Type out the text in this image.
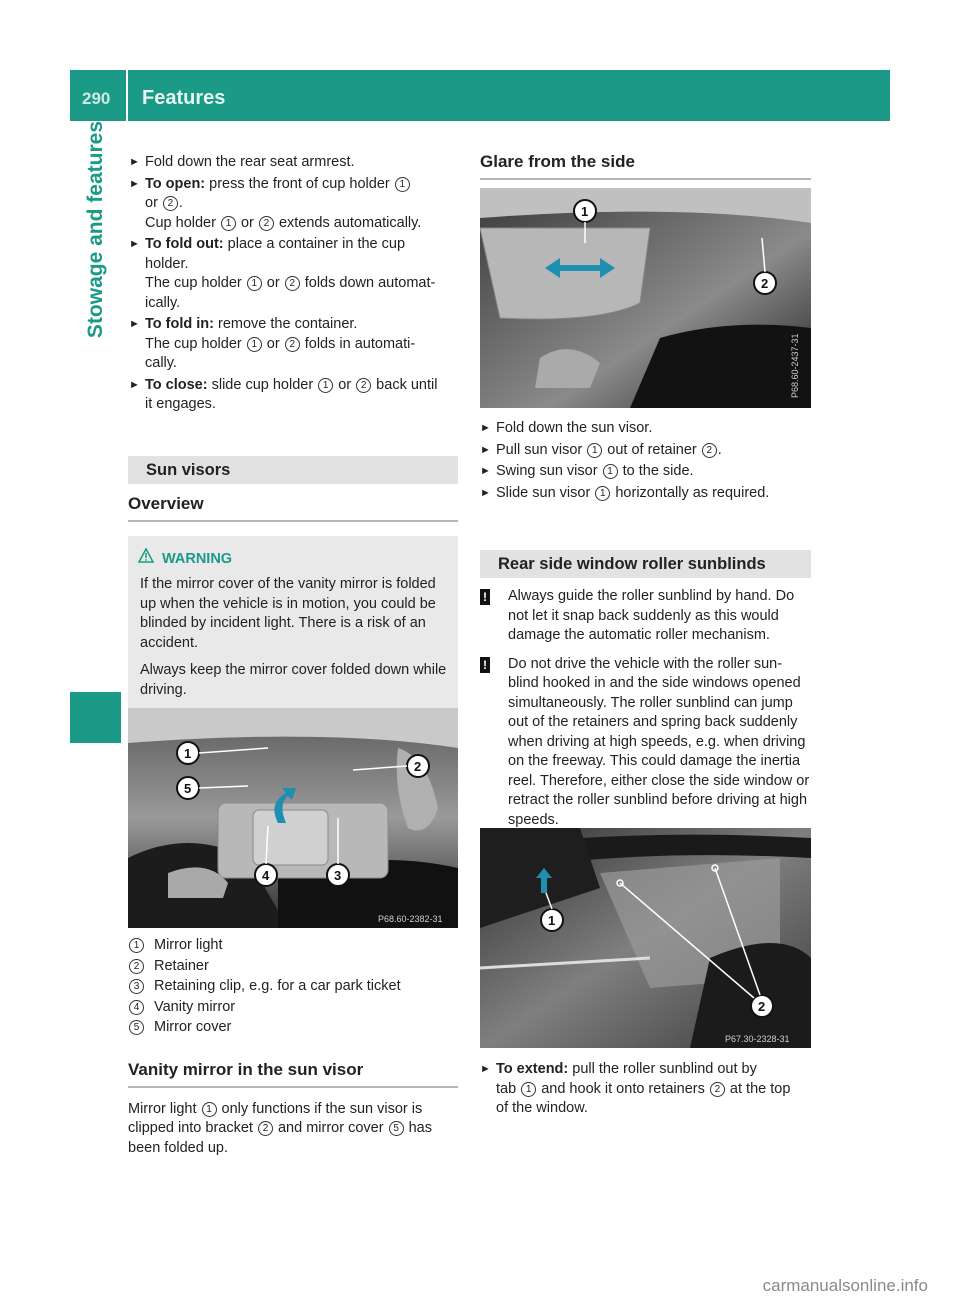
290 Features
Stowage and features	► Fold down the rear seat armrest.
► To open: press the front of cup holder 1
or 2 .
Cup holder 1 or 2 extends automatically.
► To fold out: place a container in the cup
holder.
The cup holder 1 or 2 folds down automat-
ically.
► To fold in: remove the container.
The cup holder 1 or 2 folds in automati-
cally.
► To close: slide cup holder 1 or 2 back until
it engages.
Sun visors
Overview
WARNING

If the mirror cover of the vanity mirror is folded up when the vehicle is in motion, you could be blinded by incident light. There is a risk of an accident.

Always keep the mirror cover folded down while driving.

1
2
3
4
5
P68.60-2382-31
1	Mirror light
2	Retainer
3	Retaining clip, e.g. for a car park ticket
4	Vanity mirror
5	Mirror cover
Vanity mirror in the sun visor
Mirror light 1 only functions if the sun visor is
clipped into bracket 2 and mirror cover 5 has
been folded up.
Glare from the side
1
2
P68.60-2437-31
► Fold down the sun visor.
► Pull sun visor 1 out of retainer 2 .
► Swing sun visor 1 to the side.
► Slide sun visor 1 horizontally as required.
Rear side window roller sunblinds
! Always guide the roller sunblind by hand. Do not let it snap back suddenly as this would damage the automatic roller mechanism.
! Do not drive the vehicle with the roller sun-blind hooked in and the side windows opened simultaneously. The roller sunblind can jump out of the retainers and spring back suddenly when driving at high speeds, e.g. when driving on the freeway. This could damage the inertia reel. Therefore, either close the side window or retract the roller sunblind before driving at high speeds.
1
2
P67.30-2328-31
► To extend: pull the roller sunblind out by
tab 1 and hook it onto retainers 2 at the top
of the window.
carmanualsonline.info
